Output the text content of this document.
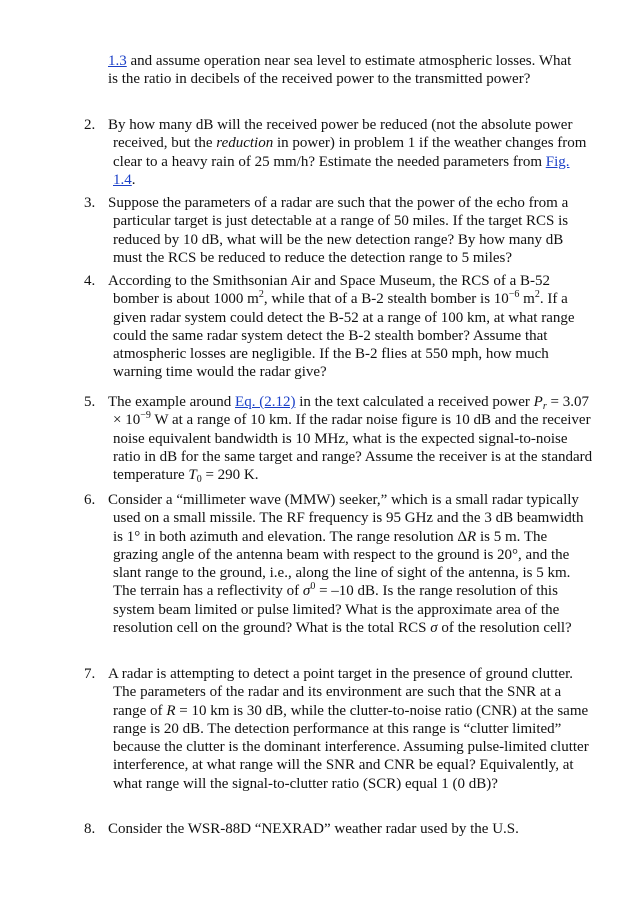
1.3 and assume operation near sea level to estimate atmospheric losses. What is the ratio in decibels of the received power to the transmitted power?
2. By how many dB will the received power be reduced (not the absolute power received, but the reduction in power) in problem 1 if the weather changes from clear to a heavy rain of 25 mm/h? Estimate the needed parameters from Fig. 1.4.
3. Suppose the parameters of a radar are such that the power of the echo from a particular target is just detectable at a range of 50 miles. If the target RCS is reduced by 10 dB, what will be the new detection range? By how many dB must the RCS be reduced to reduce the detection range to 5 miles?
4. According to the Smithsonian Air and Space Museum, the RCS of a B-52 bomber is about 1000 $m^2$, while that of a B-2 stealth bomber is $10^{-6}$ $m^2$. If a given radar system could detect the B-52 at a range of 100 km, at what range could the same radar system detect the B-2 stealth bomber? Assume that atmospheric losses are negligible. If the B-2 flies at 550 mph, how much warning time would the radar give?
5. The example around Eq. (2.12) in the text calculated a received power $P_r = 3.07 \times 10^{-9}$ W at a range of 10 km. If the radar noise figure is 10 dB and the receiver noise equivalent bandwidth is 10 MHz, what is the expected signal-to-noise ratio in dB for the same target and range? Assume the receiver is at the standard temperature $T_0 = 290$ K.
6. Consider a “millimeter wave (MMW) seeker,” which is a small radar typically used on a small missile. The RF frequency is 95 GHz and the 3 dB beamwidth is 1° in both azimuth and elevation. The range resolution ΔR is 5 m. The grazing angle of the antenna beam with respect to the ground is 20°, and the slant range to the ground, i.e., along the line of sight of the antenna, is 5 km. The terrain has a reflectivity of $\sigma^0 = -10$ dB. Is the range resolution of this system beam limited or pulse limited? What is the approximate area of the resolution cell on the ground? What is the total RCS σ of the resolution cell?
7. A radar is attempting to detect a point target in the presence of ground clutter. The parameters of the radar and its environment are such that the SNR at a range of R = 10 km is 30 dB, while the clutter-to-noise ratio (CNR) at the same range is 20 dB. The detection performance at this range is “clutter limited” because the clutter is the dominant interference. Assuming pulse-limited clutter interference, at what range will the SNR and CNR be equal? Equivalently, at what range will the signal-to-clutter ratio (SCR) equal 1 (0 dB)?
8. Consider the WSR-88D “NEXRAD” weather radar used by the U.S.
